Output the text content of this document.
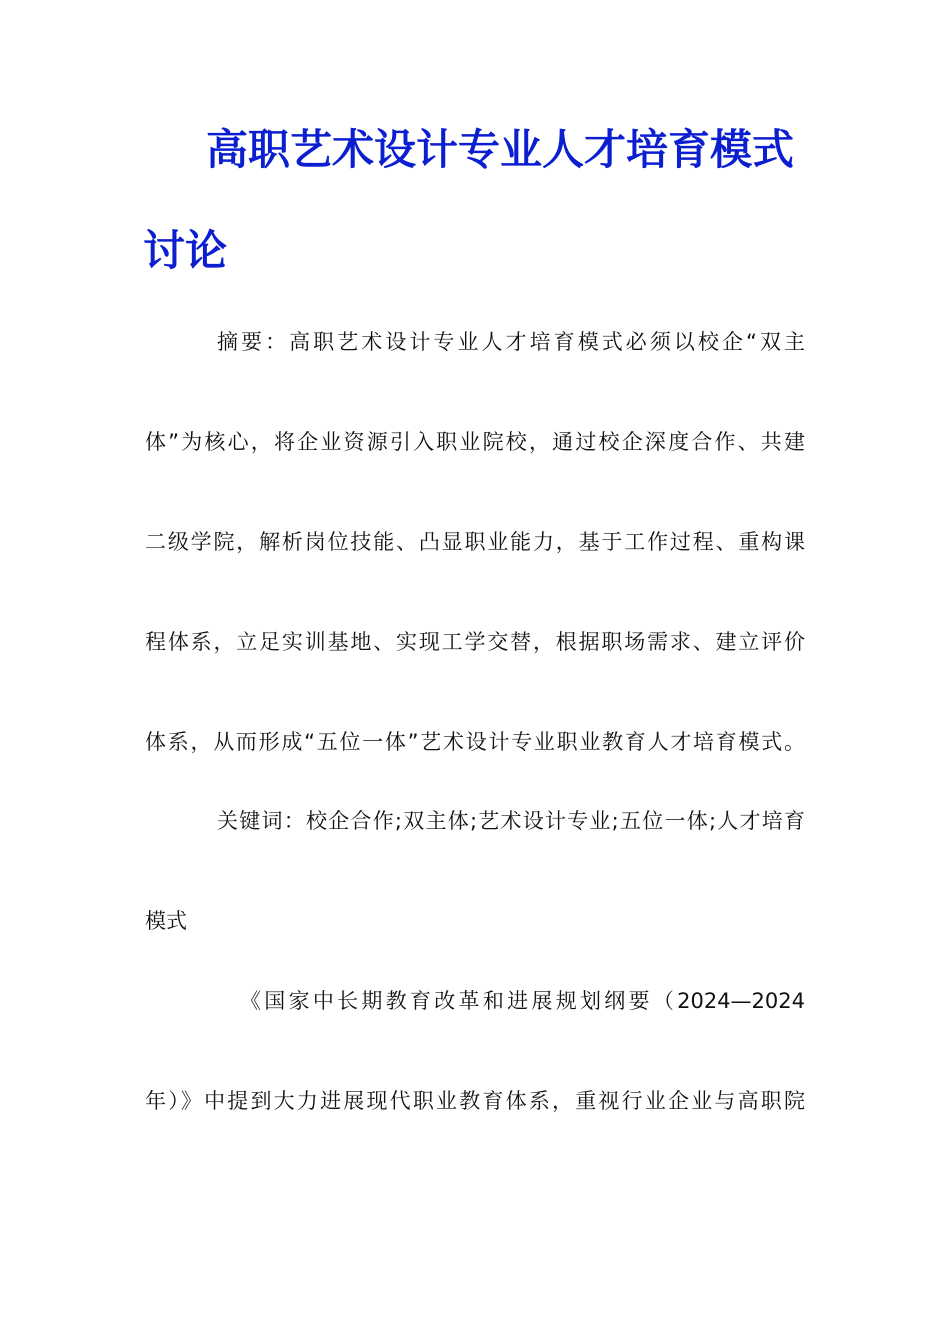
高职艺术设计专业人才培育模式
讨论
摘要：高职艺术设计专业人才培育模式必须以校企“双主
体”为核心，将企业资源引入职业院校，通过校企深度合作、共建
二级学院，解析岗位技能、凸显职业能力，基于工作过程、重构课
程体系，立足实训基地、实现工学交替，根据职场需求、建立评价
体系，从而形成“五位一体”艺术设计专业职业教育人才培育模式。
关键词：校企合作;双主体;艺术设计专业;五位一体;人才培育
模式
《国家中长期教育改革和进展规划纲要（2024—2024
年）》中提到大力进展现代职业教育体系，重视行业企业与高职院
